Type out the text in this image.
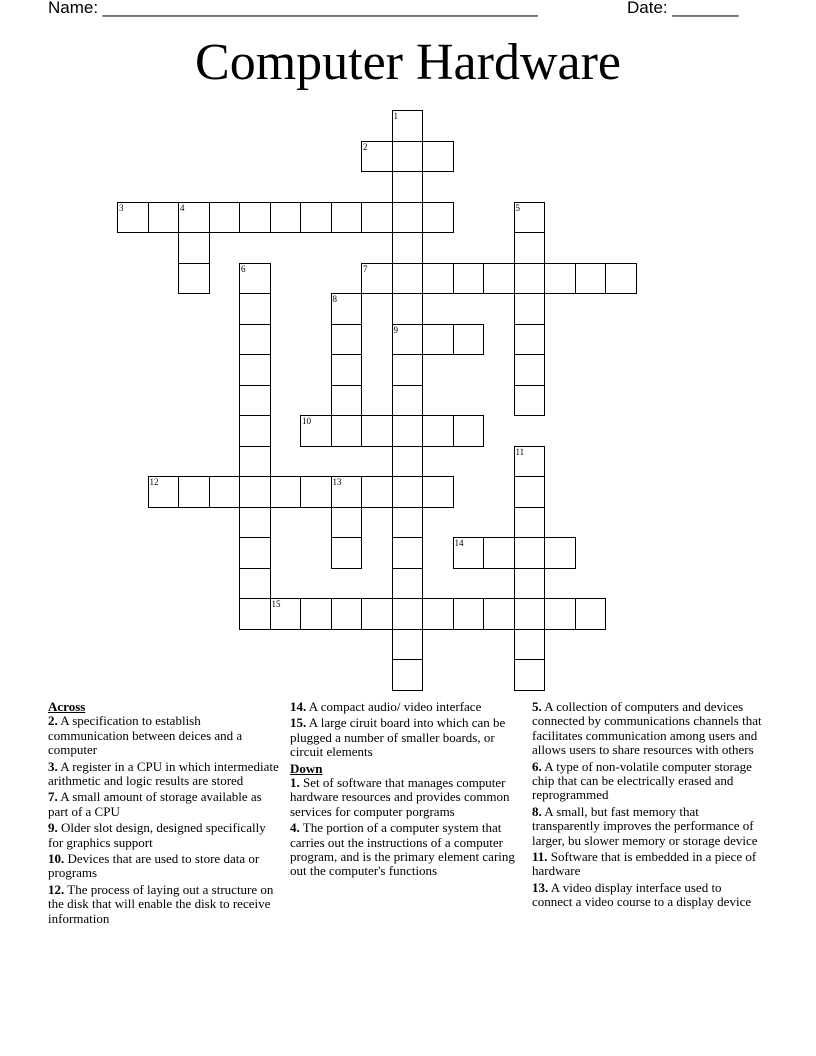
Name: ______________________________________________	Date: _______
Computer Hardware
1
9
2
3	4	5
6	7
8
10
11
12	13
14
15
Across
2. A specification to establish communication between deices and a computer
3. A register in a CPU in which intermediate arithmetic and logic results are stored
7. A small amount of storage available as part of a CPU
9. Older slot design, designed specifically for graphics support
10. Devices that are used to store data or programs
12. The process of laying out a structure on the disk that will enable the disk to receive information
14. A compact audio/ video interface
15. A large ciruit board into which can be plugged a number of smaller boards, or circuit elements
Down
1. Set of software that manages computer hardware resources and provides common services for computer porgrams
4. The portion of a computer system that carries out the instructions of a computer program, and is the primary element caring out the computer's functions
5. A collection of computers and devices connected by communications channels that facilitates communication among users and allows users to share resources with others
6. A type of non-volatile computer storage chip that can be electrically erased and reprogrammed
8. A small, but fast memory that transparently improves the performance of larger, bu slower memory or storage device
11. Software that is embedded in a piece of hardware
13. A video display interface used to connect a video course to a display device
